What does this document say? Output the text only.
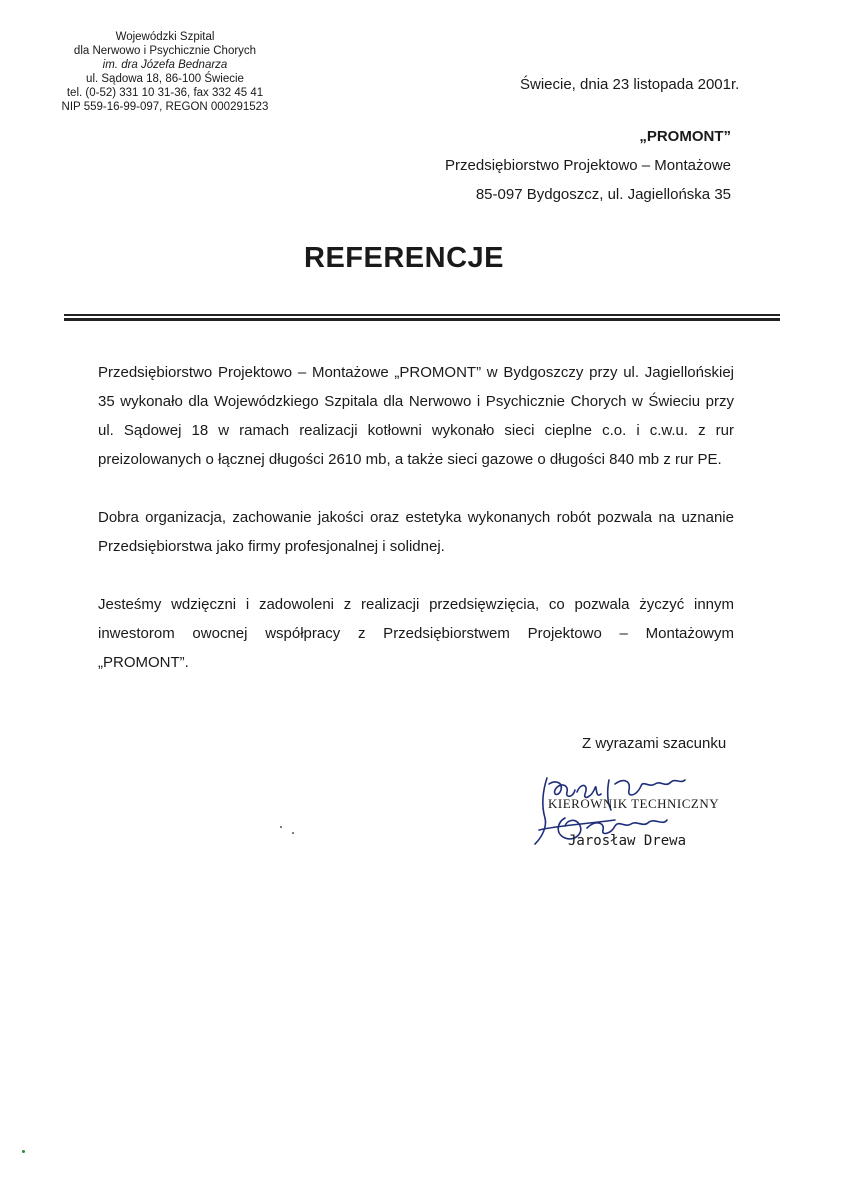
Wojewódzki Szpital
dla Nerwowo i Psychicznie Chorych
im. dra Józefa Bednarza
ul. Sądowa 18, 86-100 Świecie
tel. (0-52) 331 10 31-36, fax 332 45 41
NIP 559-16-99-097, REGON 000291523
Świecie, dnia 23 listopada 2001r.
„PROMONT”
Przedsiębiorstwo Projektowo – Montażowe
85-097 Bydgoszcz, ul. Jagiellońska 35
REFERENCJE

Przedsiębiorstwo Projektowo – Montażowe „PROMONT” w Bydgoszczy przy ul. Jagiellońskiej 35 wykonało dla Wojewódzkiego Szpitala dla Nerwowo i Psychicznie Chorych w Świeciu przy ul. Sądowej 18 w ramach realizacji kotłowni wykonało sieci cieplne c.o. i c.w.u. z rur preizolowanych o łącznej długości 2610 mb, a także sieci gazowe o długości 840 mb z rur PE.

Dobra organizacja, zachowanie jakości oraz estetyka wykonanych robót pozwala na uznanie Przedsiębiorstwa jako firmy profesjonalnej i solidnej.

Jesteśmy wdzięczni i zadowoleni z realizacji przedsięwzięcia, co pozwala życzyć innym inwestorom owocnej współpracy z Przedsiębiorstwem Projektowo – Montażowym „PROMONT”.

Z wyrazami szacunku
KIEROWNIK TECHNICZNY
Jarosław Drewa
